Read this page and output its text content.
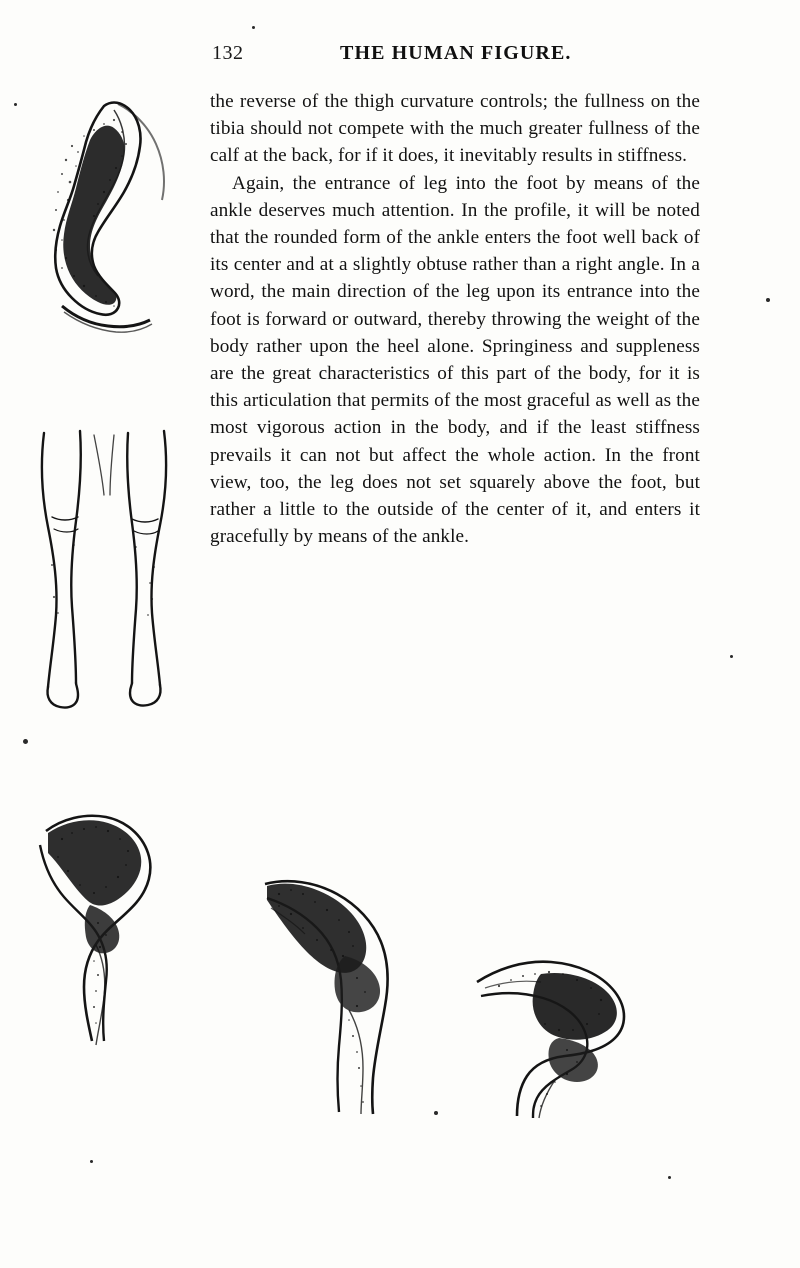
132	THE HUMAN FIGURE.

the reverse of the thigh curvature controls; the fullness on the tibia should not compete with the much greater fullness of the calf at the back, for if it does, it inevitably results in stiffness.

Again, the entrance of leg into the foot by means of the ankle deserves much attention. In the profile, it will be noted that the rounded form of the ankle enters the foot well back of its center and at a slightly obtuse rather than a right angle. In a word, the main direction of the leg upon its entrance into the foot is forward or outward, thereby throwing the weight of the body rather upon the heel alone. Springiness and suppleness are the great characteristics of this part of the body, for it is this articulation that permits of the most graceful as well as the most vigorous action in the body, and if the least stiffness prevails it can not but affect the whole action. In the front view, too, the leg does not set squarely above the foot, but rather a little to the outside of the center of it, and enters it gracefully by means of the ankle.
